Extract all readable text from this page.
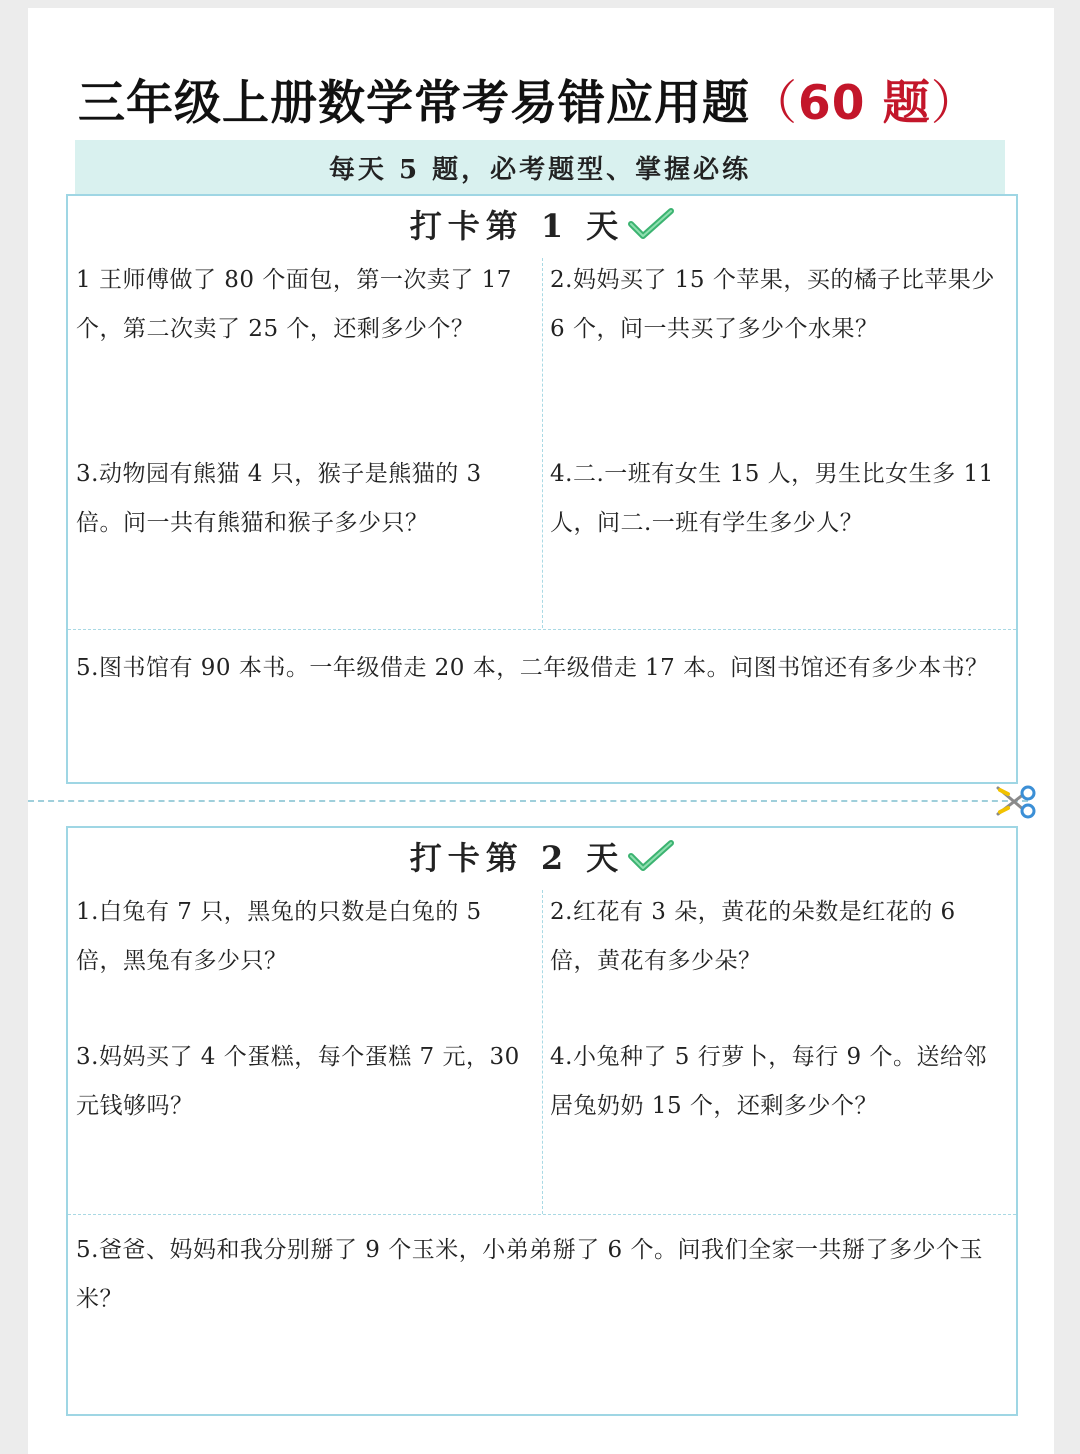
三年级上册数学常考易错应用题（60 题）
每天 5 题，必考题型、掌握必练
打卡第 1 天
1 王师傅做了 80 个面包，第一次卖了 17 个，第二次卖了 25 个，还剩多少个？
2.妈妈买了 15 个苹果，买的橘子比苹果少 6 个，问一共买了多少个水果？
3.动物园有熊猫 4 只，猴子是熊猫的 3 倍。问一共有熊猫和猴子多少只？
4.二.一班有女生 15 人，男生比女生多 11 人，问二.一班有学生多少人？
5.图书馆有 90 本书。一年级借走 20 本，二年级借走 17 本。问图书馆还有多少本书？
打卡第 2 天
1.白兔有 7 只，黑兔的只数是白兔的 5 倍，黑兔有多少只？
2.红花有 3 朵，黄花的朵数是红花的 6 倍，黄花有多少朵？
3.妈妈买了 4 个蛋糕，每个蛋糕 7 元，30 元钱够吗？
4.小兔种了 5 行萝卜，每行 9 个。送给邻居兔奶奶 15 个，还剩多少个？
5.爸爸、妈妈和我分别掰了 9 个玉米，小弟弟掰了 6 个。问我们全家一共掰了多少个玉米？
